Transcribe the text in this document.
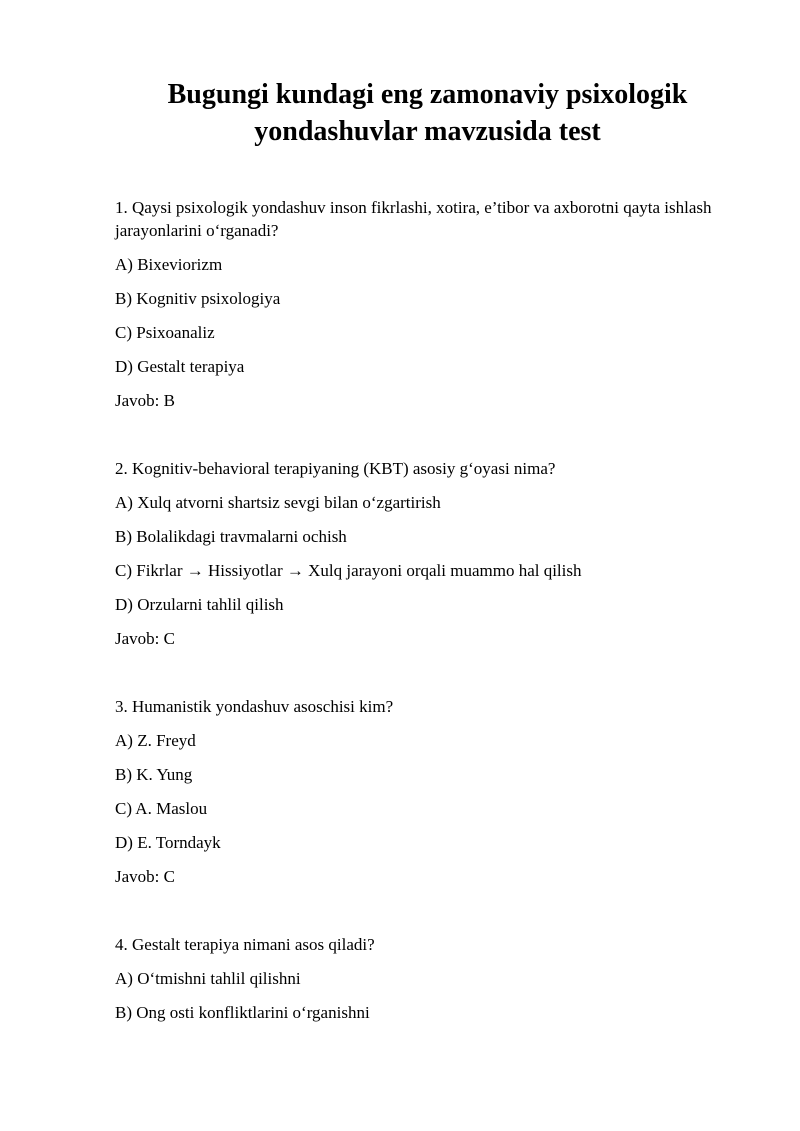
Bugungi kundagi eng zamonaviy psixologik
yondashuvlar mavzusida test

1. Qaysi psixologik yondashuv inson fikrlashi, xotira, e’tibor va axborotni qayta ishlash jarayonlarini o‘rganadi?

A) Bixeviorizm

B) Kognitiv psixologiya

C) Psixoanaliz

D) Gestalt terapiya

Javob: B

2. Kognitiv-behavioral terapiyaning (KBT) asosiy g‘oyasi nima?

A) Xulq atvorni shartsiz sevgi bilan o‘zgartirish

B) Bolalikdagi travmalarni ochish

C) Fikrlar → Hissiyotlar → Xulq jarayoni orqali muammo hal qilish

D) Orzularni tahlil qilish

Javob: C

3. Humanistik yondashuv asoschisi kim?

A) Z. Freyd

B) K. Yung

C) A. Maslou

D) E. Torndayk

Javob: C

4. Gestalt terapiya nimani asos qiladi?

A) O‘tmishni tahlil qilishni

B) Ong osti konfliktlarini o‘rganishni
